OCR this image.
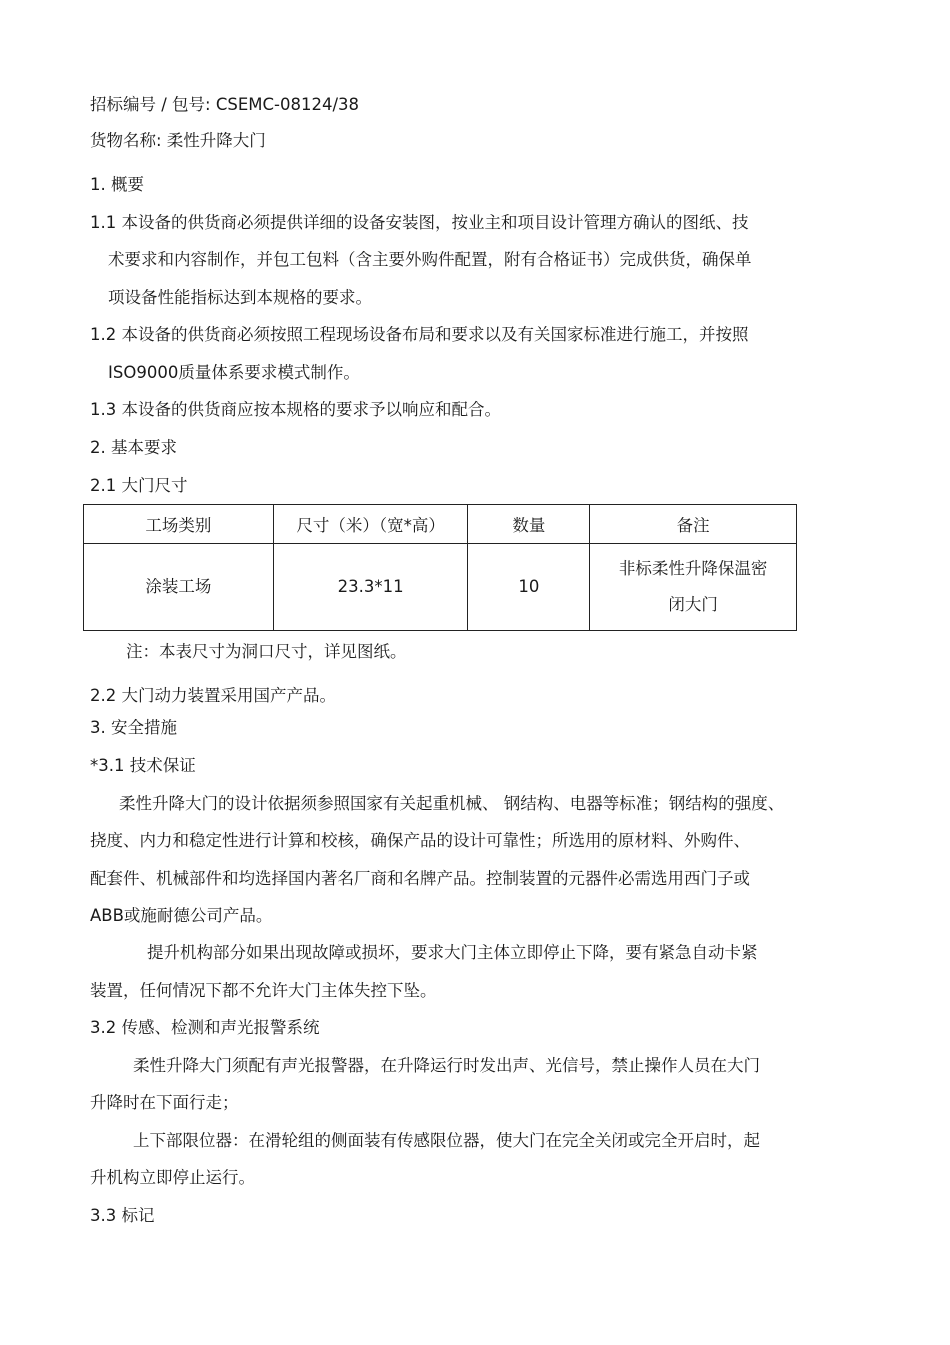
招标编号 / 包号: CSEMC-08124/38
货物名称: 柔性升降大门
1. 概要
1.1 本设备的供货商必须提供详细的设备安装图，按业主和项目设计管理方确认的图纸、技
术要求和内容制作，并包工包料（含主要外购件配置，附有合格证书）完成供货，确保单
项设备性能指标达到本规格的要求。
1.2 本设备的供货商必须按照工程现场设备布局和要求以及有关国家标准进行施工，并按照
ISO9000质量体系要求模式制作。
1.3 本设备的供货商应按本规格的要求予以响应和配合。
2. 基本要求
2.1 大门尺寸
工场类别	尺寸（米）（宽*高）	数量	备注
涂装工场	23.3*11	10	非标柔性升降保温密
闭大门
注：本表尺寸为洞口尺寸，详见图纸。
2.2 大门动力装置采用国产产品。
3. 安全措施
*3.1 技术保证
柔性升降大门的设计依据须参照国家有关起重机械、 钢结构、电器等标准；钢结构的强度、
挠度、内力和稳定性进行计算和校核，确保产品的设计可靠性；所选用的原材料、外购件、
配套件、机械部件和均选择国内著名厂商和名牌产品。控制装置的元器件必需选用西门子或
ABB或施耐德公司产品。
提升机构部分如果出现故障或损坏，要求大门主体立即停止下降，要有紧急自动卡紧
装置，任何情况下都不允许大门主体失控下坠。
3.2 传感、检测和声光报警系统
柔性升降大门须配有声光报警器，在升降运行时发出声、光信号，禁止操作人员在大门
升降时在下面行走；
上下部限位器：在滑轮组的侧面装有传感限位器，使大门在完全关闭或完全开启时，起
升机构立即停止运行。
3.3 标记
